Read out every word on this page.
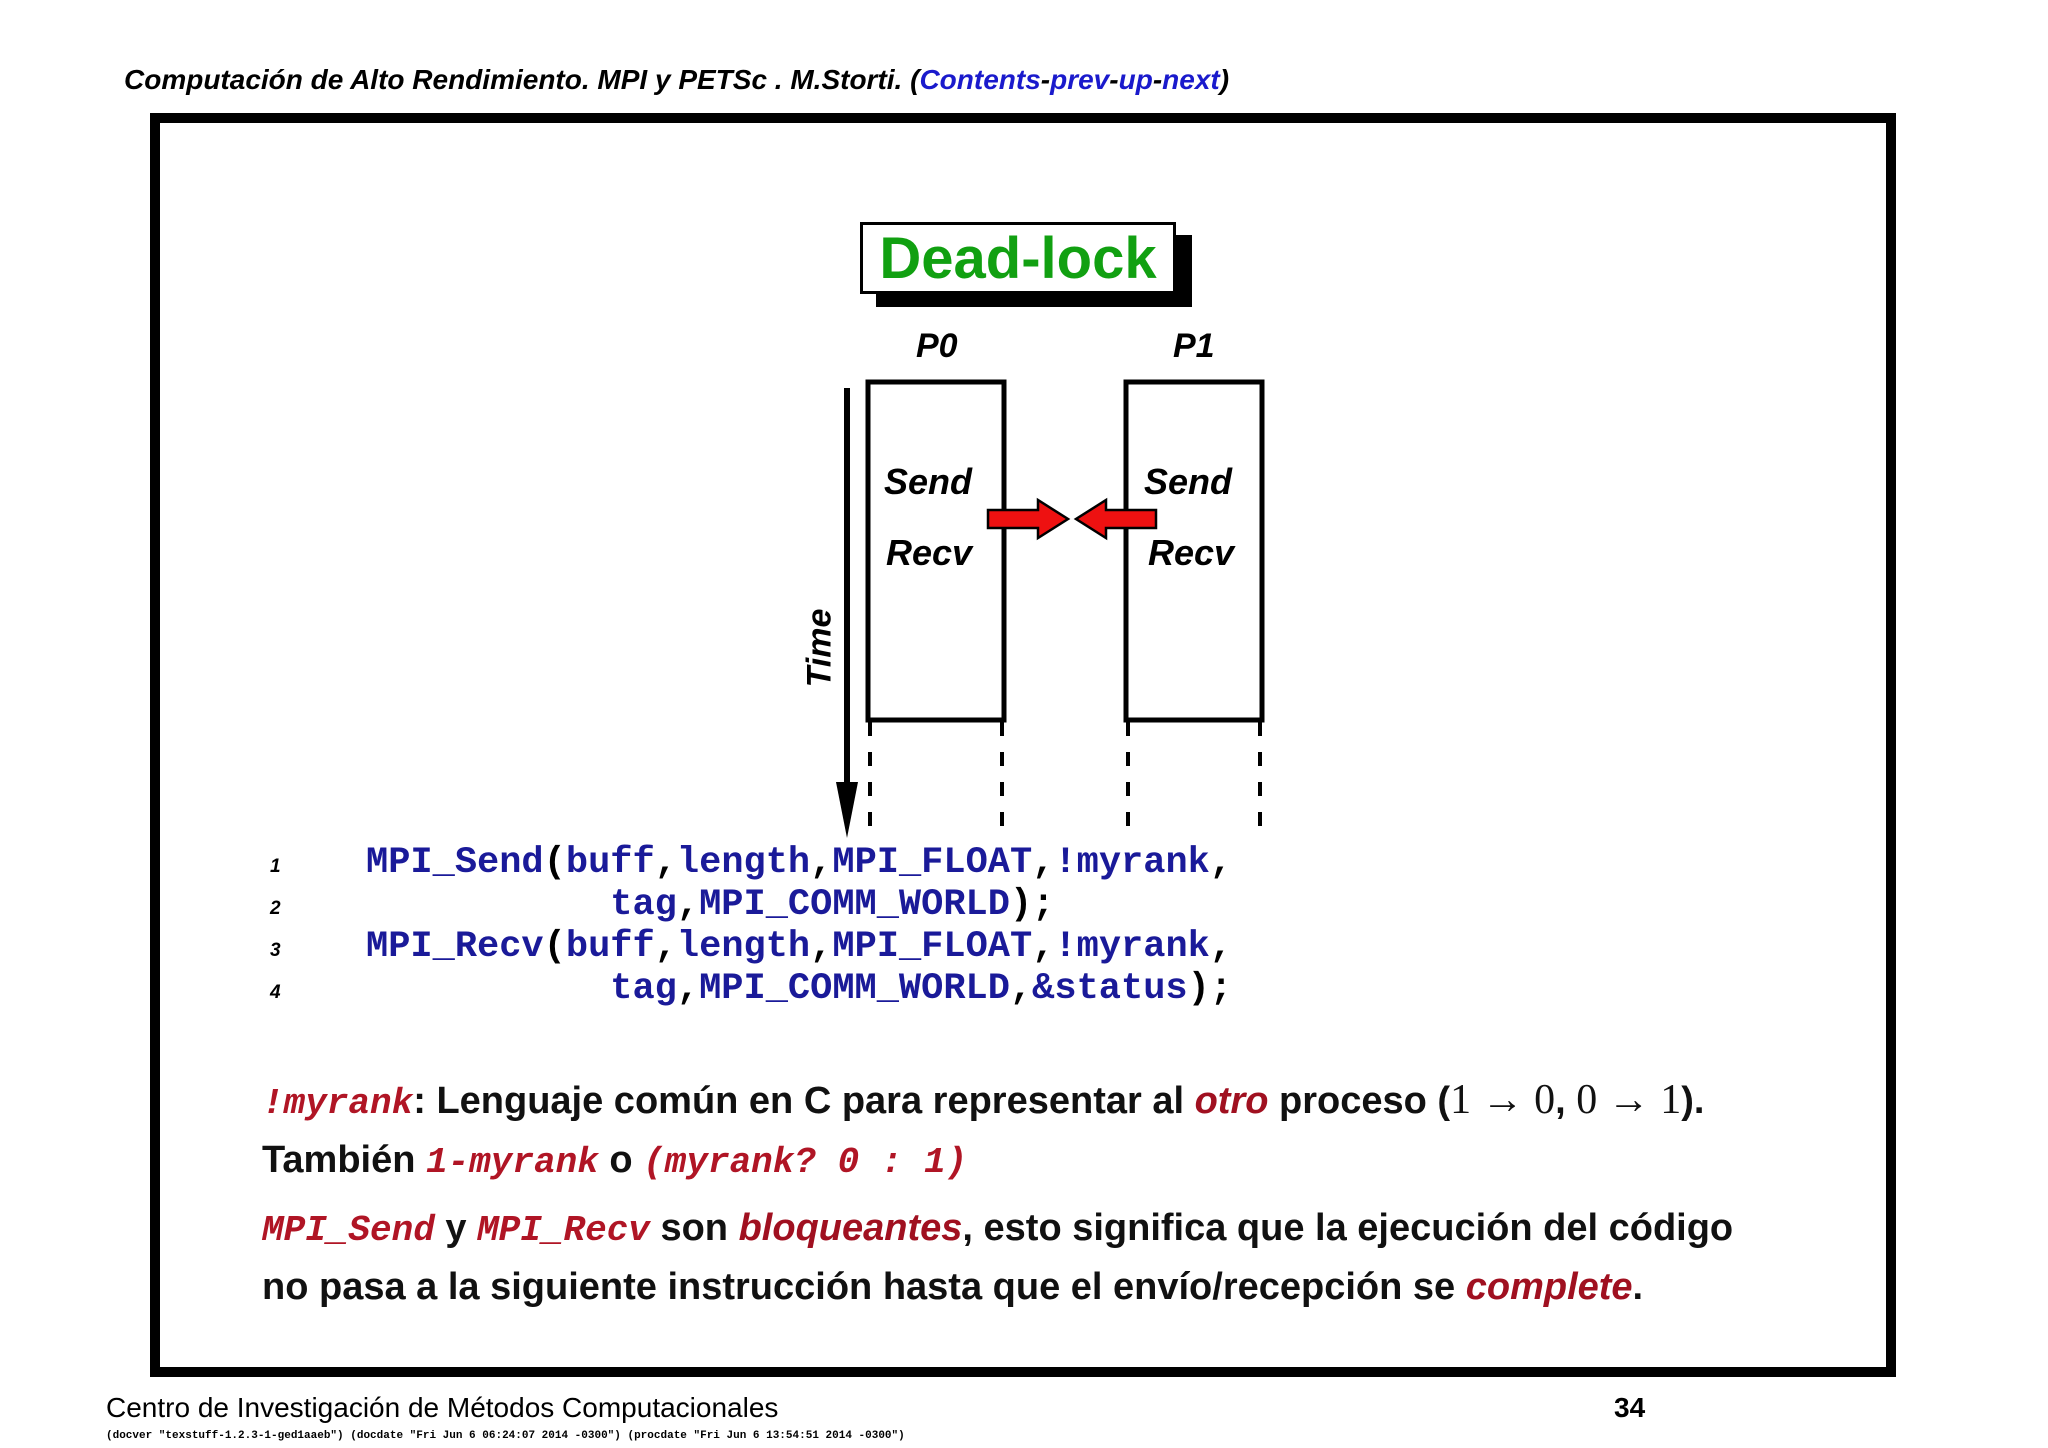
Computación de Alto Rendimiento. MPI y PETSc . M.Storti. (Contents-prev-up-next)
Dead-lock
P0	P1
Send
Recv
Send
Recv
Time

1

MPI_Send(buff,length,MPI_FLOAT,!myrank,

2

	tag,MPI_COMM_WORLD);

3

MPI_Recv(buff,length,MPI_FLOAT,!myrank,

4

	tag,MPI_COMM_WORLD,&status);

!myrank: Lenguaje común en C para representar al otro proceso (1 → 0, 0 → 1). También 1-myrank o (myrank? 0 : 1)
MPI_Send y MPI_Recv son bloqueantes, esto significa que la ejecución del código no pasa a la siguiente instrucción hasta que el envío/recepción se complete.
Centro de Investigación de Métodos Computacionales	34
(docver "texstuff-1.2.3-1-ged1aaeb") (docdate "Fri Jun 6 06:24:07 2014 -0300") (procdate "Fri Jun 6 13:54:51 2014 -0300")
